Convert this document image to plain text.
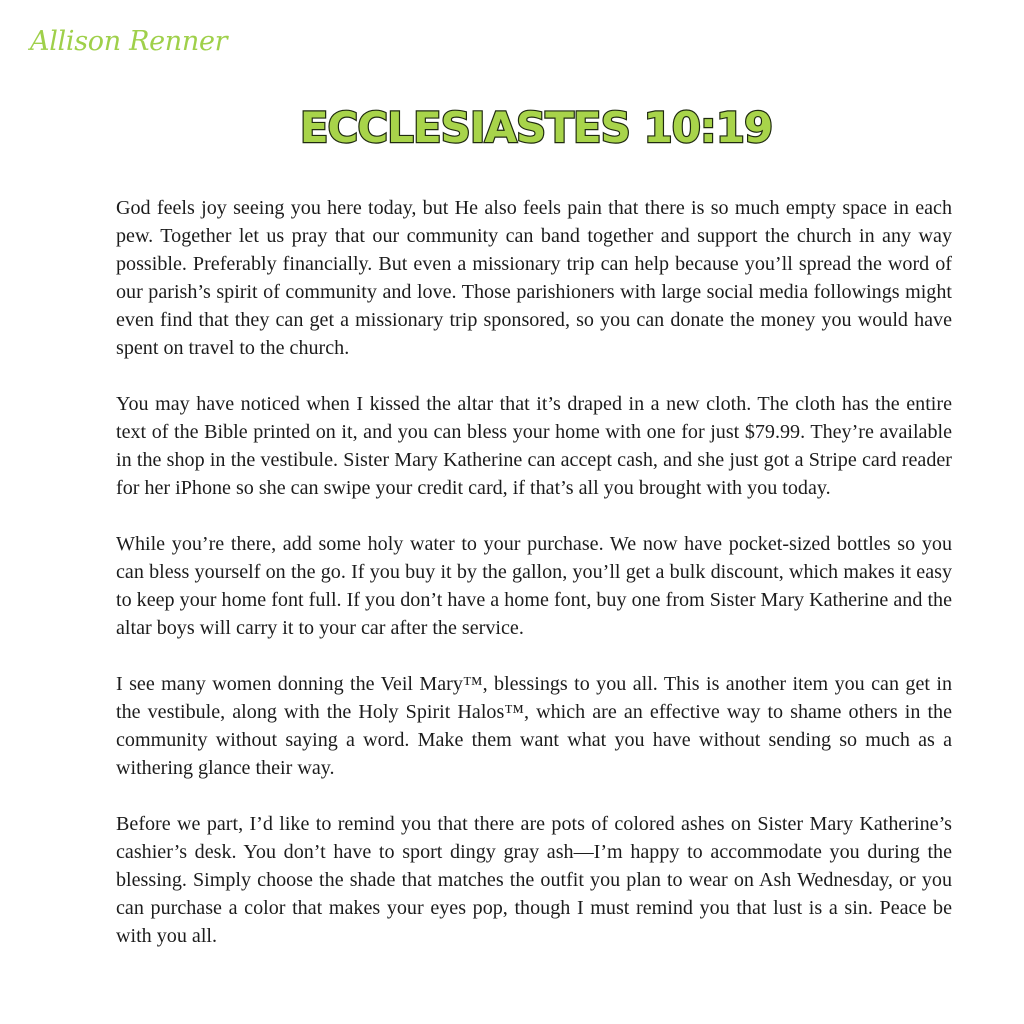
Allison Renner
ECCLESIASTES 10:19

God feels joy seeing you here today, but He also feels pain that there is so much empty space in each pew. Together let us pray that our community can band together and support the church in any way possible. Preferably financially. But even a missionary trip can help because you’ll spread the word of our parish’s spirit of community and love. Those parishioners with large social media followings might even find that they can get a missionary trip sponsored, so you can donate the money you would have spent on travel to the church.

You may have noticed when I kissed the altar that it’s draped in a new cloth. The cloth has the entire text of the Bible printed on it, and you can bless your home with one for just $79.99. They’re available in the shop in the vestibule. Sister Mary Katherine can accept cash, and she just got a Stripe card reader for her iPhone so she can swipe your credit card, if that’s all you brought with you today.

While you’re there, add some holy water to your purchase. We now have pocket-sized bottles so you can bless yourself on the go. If you buy it by the gallon, you’ll get a bulk discount, which makes it easy to keep your home font full. If you don’t have a home font, buy one from Sister Mary Katherine and the altar boys will carry it to your car after the service.

I see many women donning the Veil Mary™, blessings to you all. This is another item you can get in the vestibule, along with the Holy Spirit Halos™, which are an effective way to shame others in the community without saying a word. Make them want what you have without sending so much as a withering glance their way.

Before we part, I’d like to remind you that there are pots of colored ashes on Sister Mary Katherine’s cashier’s desk. You don’t have to sport dingy gray ash—I’m happy to accommodate you during the blessing. Simply choose the shade that matches the outfit you plan to wear on Ash Wednesday, or you can purchase a color that makes your eyes pop, though I must remind you that lust is a sin. Peace be with you all.
